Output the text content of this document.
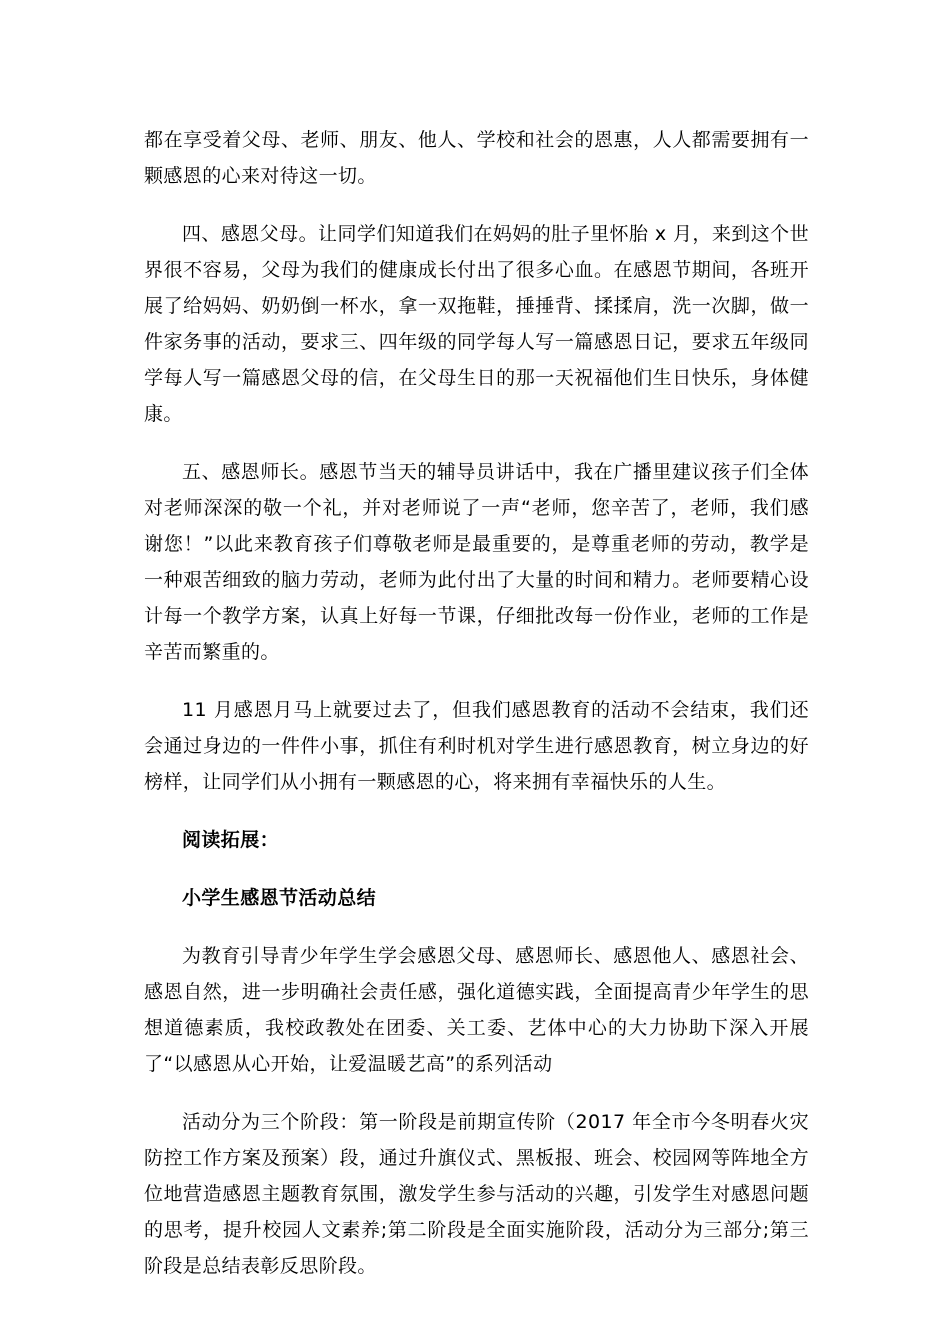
都在享受着父母、老师、朋友、他人、学校和社会的恩惠，人人都需要拥有一颗感恩的心来对待这一切。

四、感恩父母。让同学们知道我们在妈妈的肚子里怀胎 x 月，来到这个世界很不容易，父母为我们的健康成长付出了很多心血。在感恩节期间，各班开展了给妈妈、奶奶倒一杯水，拿一双拖鞋，捶捶背、揉揉肩，洗一次脚，做一件家务事的活动，要求三、四年级的同学每人写一篇感恩日记，要求五年级同学每人写一篇感恩父母的信，在父母生日的那一天祝福他们生日快乐，身体健康。

五、感恩师长。感恩节当天的辅导员讲话中，我在广播里建议孩子们全体对老师深深的敬一个礼，并对老师说了一声“老师，您辛苦了，老师，我们感谢您！”以此来教育孩子们尊敬老师是最重要的，是尊重老师的劳动，教学是一种艰苦细致的脑力劳动，老师为此付出了大量的时间和精力。老师要精心设计每一个教学方案，认真上好每一节课，仔细批改每一份作业，老师的工作是辛苦而繁重的。

11 月感恩月马上就要过去了，但我们感恩教育的活动不会结束，我们还会通过身边的一件件小事，抓住有利时机对学生进行感恩教育，树立身边的好榜样，让同学们从小拥有一颗感恩的心，将来拥有幸福快乐的人生。

阅读拓展：

小学生感恩节活动总结

为教育引导青少年学生学会感恩父母、感恩师长、感恩他人、感恩社会、感恩自然，进一步明确社会责任感，强化道德实践，全面提高青少年学生的思想道德素质，我校政教处在团委、关工委、艺体中心的大力协助下深入开展了“以感恩从心开始，让爱温暖艺高”的系列活动

活动分为三个阶段：第一阶段是前期宣传阶（2017 年全市今冬明春火灾防控工作方案及预案）段，通过升旗仪式、黑板报、班会、校园网等阵地全方位地营造感恩主题教育氛围，激发学生参与活动的兴趣，引发学生对感恩问题的思考，提升校园人文素养;第二阶段是全面实施阶段，活动分为三部分;第三阶段是总结表彰反思阶段。
